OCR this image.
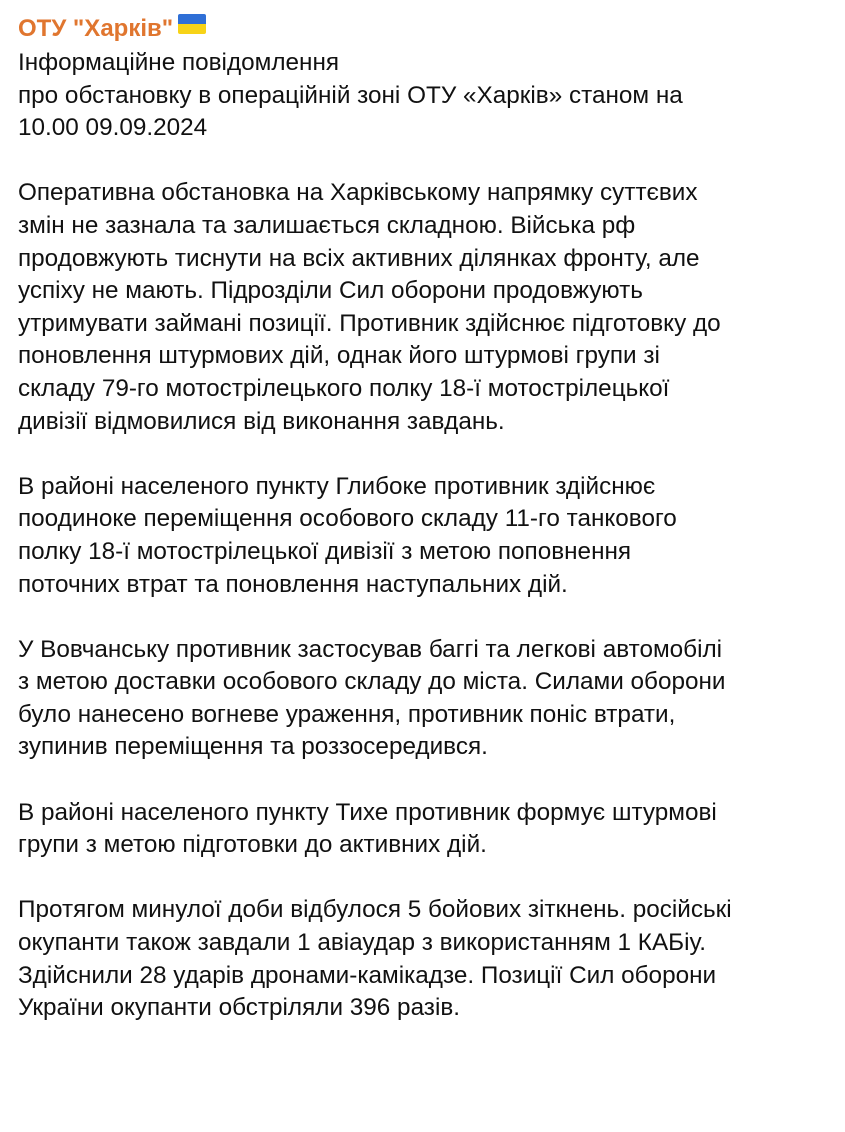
ОТУ "Харків"
Інформаційне повідомлення
про обстановку в операційній зоні ОТУ «Харків» станом на
10.00 09.09.2024
Оперативна обстановка на Харківському напрямку суттєвих
змін не зазнала та залишається складною. Війська рф
продовжують тиснути на всіх активних ділянках фронту, але
успіху не мають. Підрозділи Сил оборони продовжують
утримувати займані позиції. Противник здійснює підготовку до
поновлення штурмових дій, однак його штурмові групи зі
складу 79-го мотострілецького полку 18-ї мотострілецької
дивізії відмовилися від виконання завдань.
В районі населеного пункту Глибоке противник здійснює
поодиноке переміщення особового складу 11-го танкового
полку 18-ї мотострілецької дивізії з метою поповнення
поточних втрат та поновлення наступальних дій.
У Вовчанську противник застосував баггі та легкові автомобілі
з метою доставки особового складу до міста. Силами оборони
було нанесено вогневе ураження, противник поніс втрати,
зупинив переміщення та роззосередився.
В районі населеного пункту Тихе противник формує штурмові
групи з метою підготовки до активних дій.
Протягом минулої доби відбулося 5 бойових зіткнень. російські
окупанти також завдали 1 авіаудар з використанням 1 КАБіу.
Здійснили 28 ударів дронами-камікадзе. Позиції Сил оборони
України окупанти обстріляли 396 разів.
